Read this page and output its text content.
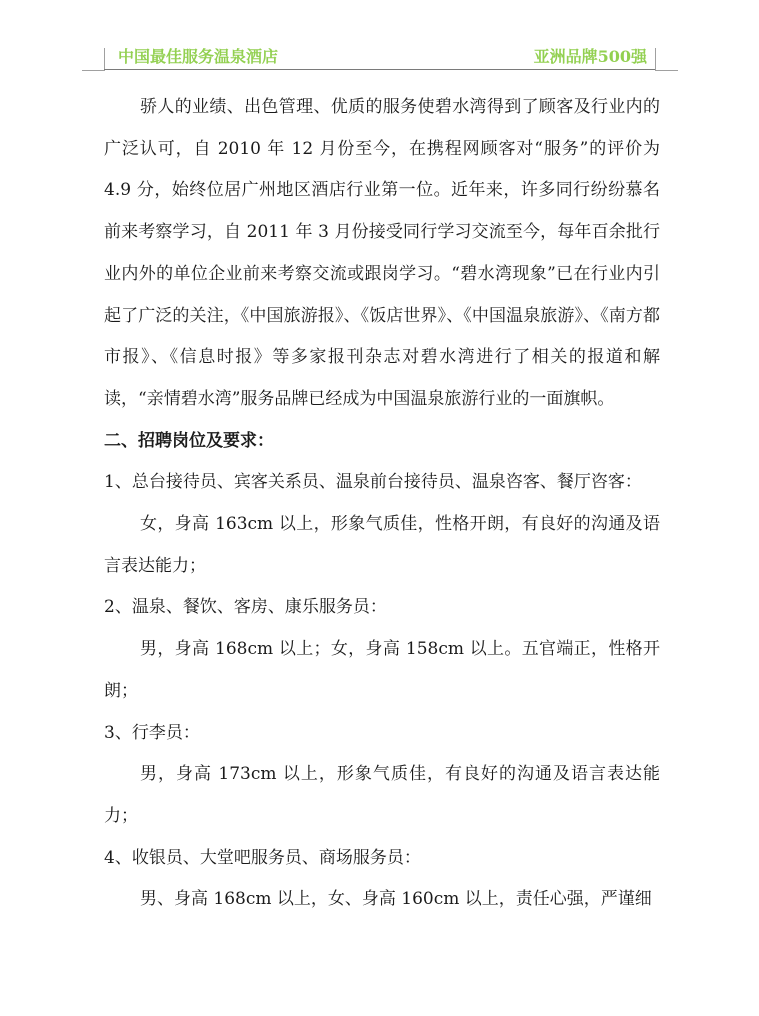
中国最佳服务温泉酒店	亚洲品牌500强

骄人的业绩、出色管理、优质的服务使碧水湾得到了顾客及行业内的广泛认可，自 2010 年 12 月份至今，在携程网顾客对“服务”的评价为 4.9 分，始终位居广州地区酒店行业第一位。近年来，许多同行纷纷慕名前来考察学习，自 2011 年 3 月份接受同行学习交流至今，每年百余批行业内外的单位企业前来考察交流或跟岗学习。“碧水湾现象”已在行业内引起了广泛的关注，《中国旅游报》、《饭店世界》、《中国温泉旅游》、《南方都市报》、《信息时报》等多家报刊杂志对碧水湾进行了相关的报道和解读，“亲情碧水湾”服务品牌已经成为中国温泉旅游行业的一面旗帜。

二、招聘岗位及要求：

1、总台接待员、宾客关系员、温泉前台接待员、温泉咨客、餐厅咨客：

女，身高 163cm 以上，形象气质佳，性格开朗，有良好的沟通及语言表达能力；

2、温泉、餐饮、客房、康乐服务员：

男，身高 168cm 以上；女，身高 158cm 以上。五官端正，性格开朗；

3、行李员：

男，身高 173cm 以上，形象气质佳，有良好的沟通及语言表达能力；

4、收银员、大堂吧服务员、商场服务员：

男、身高 168cm 以上，女、身高 160cm 以上，责任心强，严谨细
